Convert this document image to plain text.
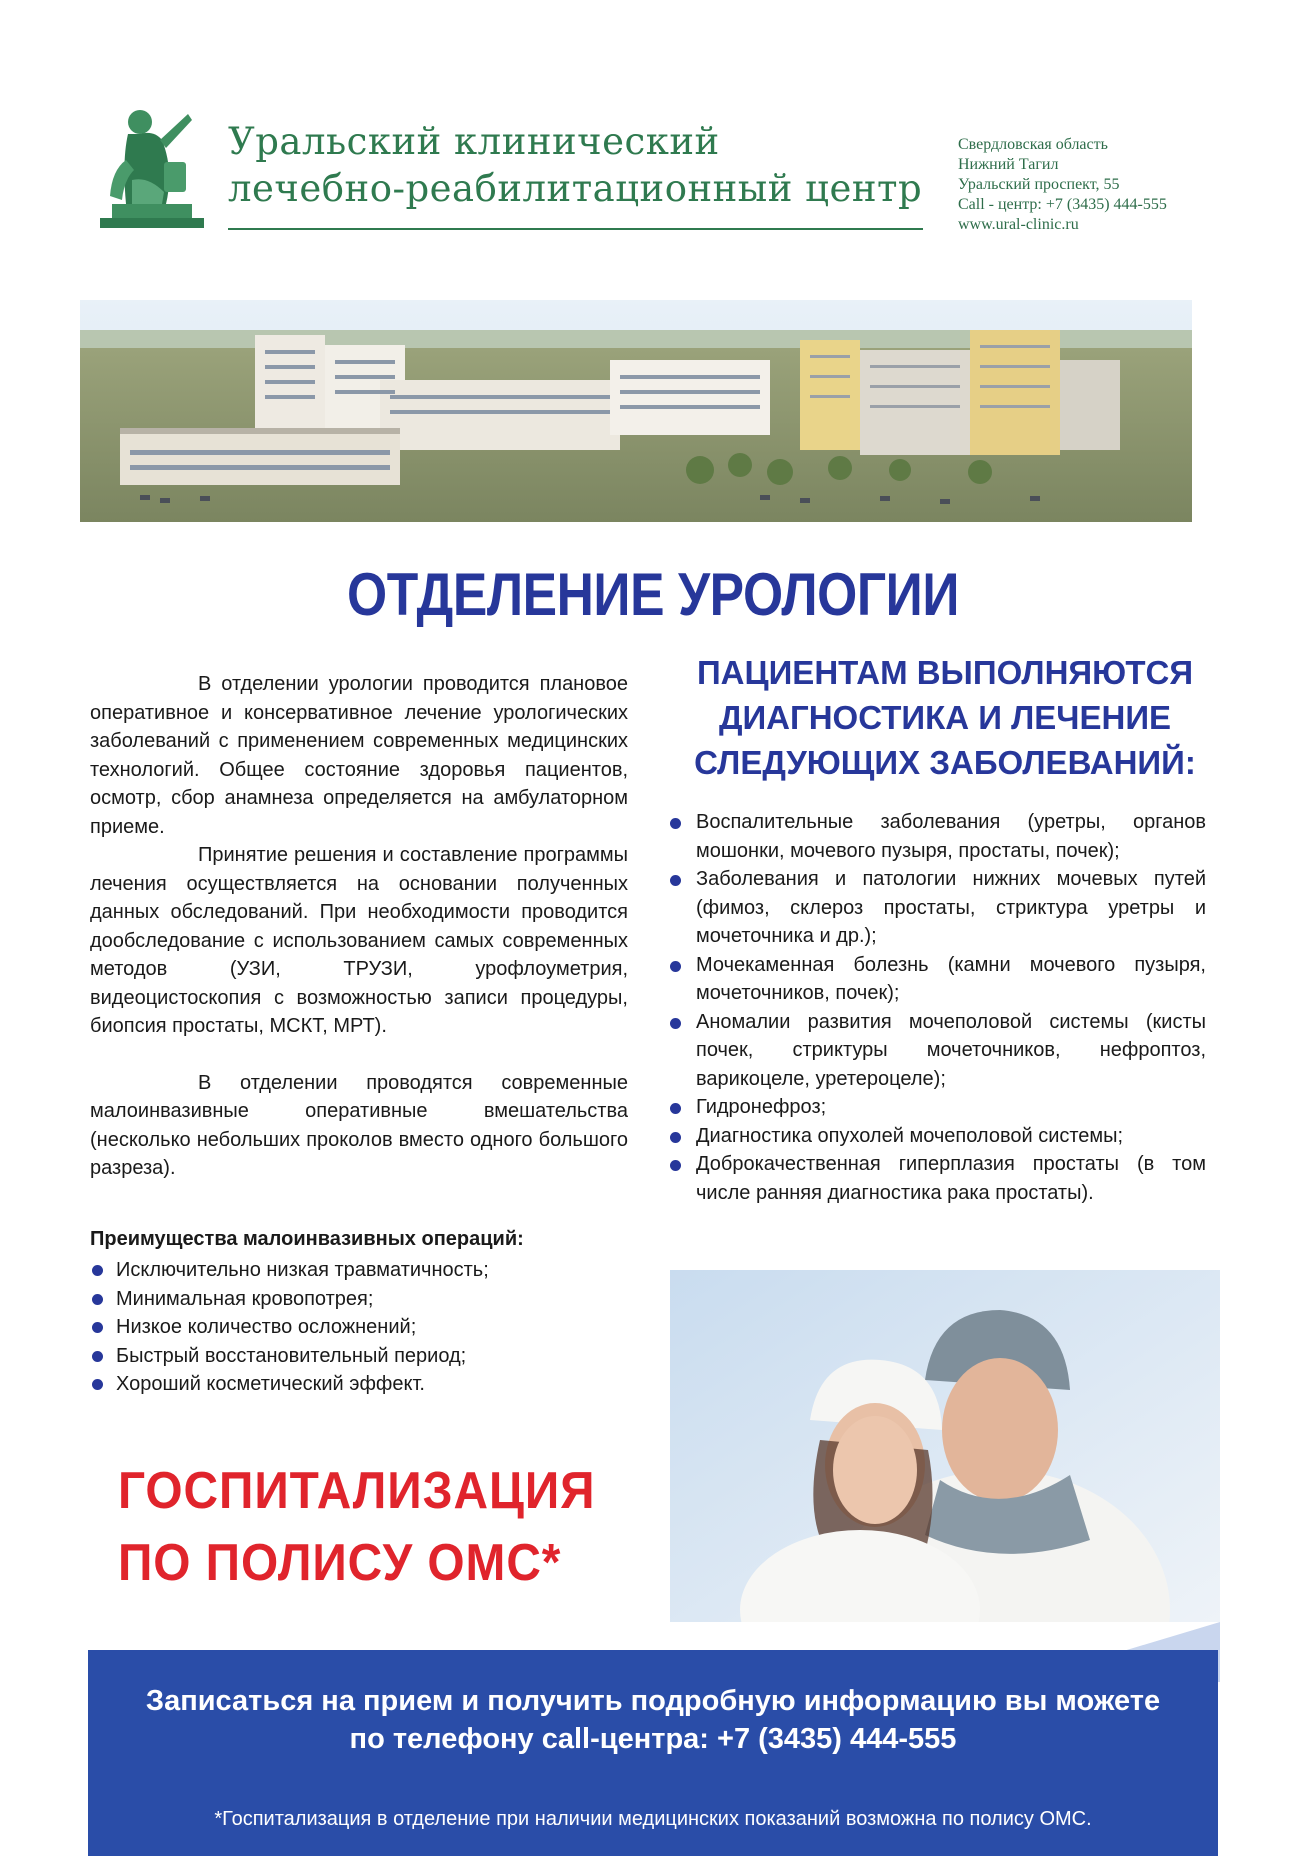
Уральский клинический
лечебно-реабилитационный центр
Свердловская область
Нижний Тагил
Уральский проспект, 55
Call - центр: +7 (3435) 444-555
www.ural-clinic.ru
ОТДЕЛЕНИЕ УРОЛОГИИ

В отделении урологии проводится плановое оперативное и консервативное лечение урологических заболеваний с применением современных медицинских технологий. Общее состояние здоровья пациентов, осмотр, сбор анамнеза определяется на амбулаторном приеме.

Принятие решения и составление программы лечения осуществляется на основании полученных данных обследований. При необходимости проводится дообследование с использованием самых современных методов (УЗИ, ТРУЗИ, урофлоуметрия, видеоцистоскопия с возможностью записи процедуры, биопсия простаты, МСКТ, МРТ).

В отделении проводятся современные малоинвазивные оперативные вмешательства (несколько небольших проколов вместо одного большого разреза).

Преимущества малоинвазивных операций:
Исключительно низкая травматичность;
Минимальная кровопотрея;
Низкое количество осложнений;
Быстрый восстановительный период;
Хороший косметический эффект.
ПАЦИЕНТАМ ВЫПОЛНЯЮТСЯ
ДИАГНОСТИКА И ЛЕЧЕНИЕ
СЛЕДУЮЩИХ ЗАБОЛЕВАНИЙ:
Воспалительные заболевания (уретры, органов мошонки, мочевого пузыря, простаты, почек);
Заболевания и патологии нижних мочевых путей (фимоз, склероз простаты, стриктура уретры и мочеточника и др.);
Мочекаменная болезнь (камни мочевого пузыря, мочеточников, почек);
Аномалии развития мочеполовой системы (кисты почек, стриктуры мочеточников, нефроптоз, варикоцеле, уретероцеле);
Гидронефроз;
Диагностика опухолей мочеполовой системы;
Доброкачественная гиперплазия простаты (в том числе ранняя диагностика рака простаты).
ГОСПИТАЛИЗАЦИЯ
ПО ПОЛИСУ ОМС*
Записаться на прием и получить подробную информацию вы можете
по телефону call-центра: +7 (3435) 444-555
*Госпитализация в отделение при наличии медицинских показаний возможна по полису ОМС.
